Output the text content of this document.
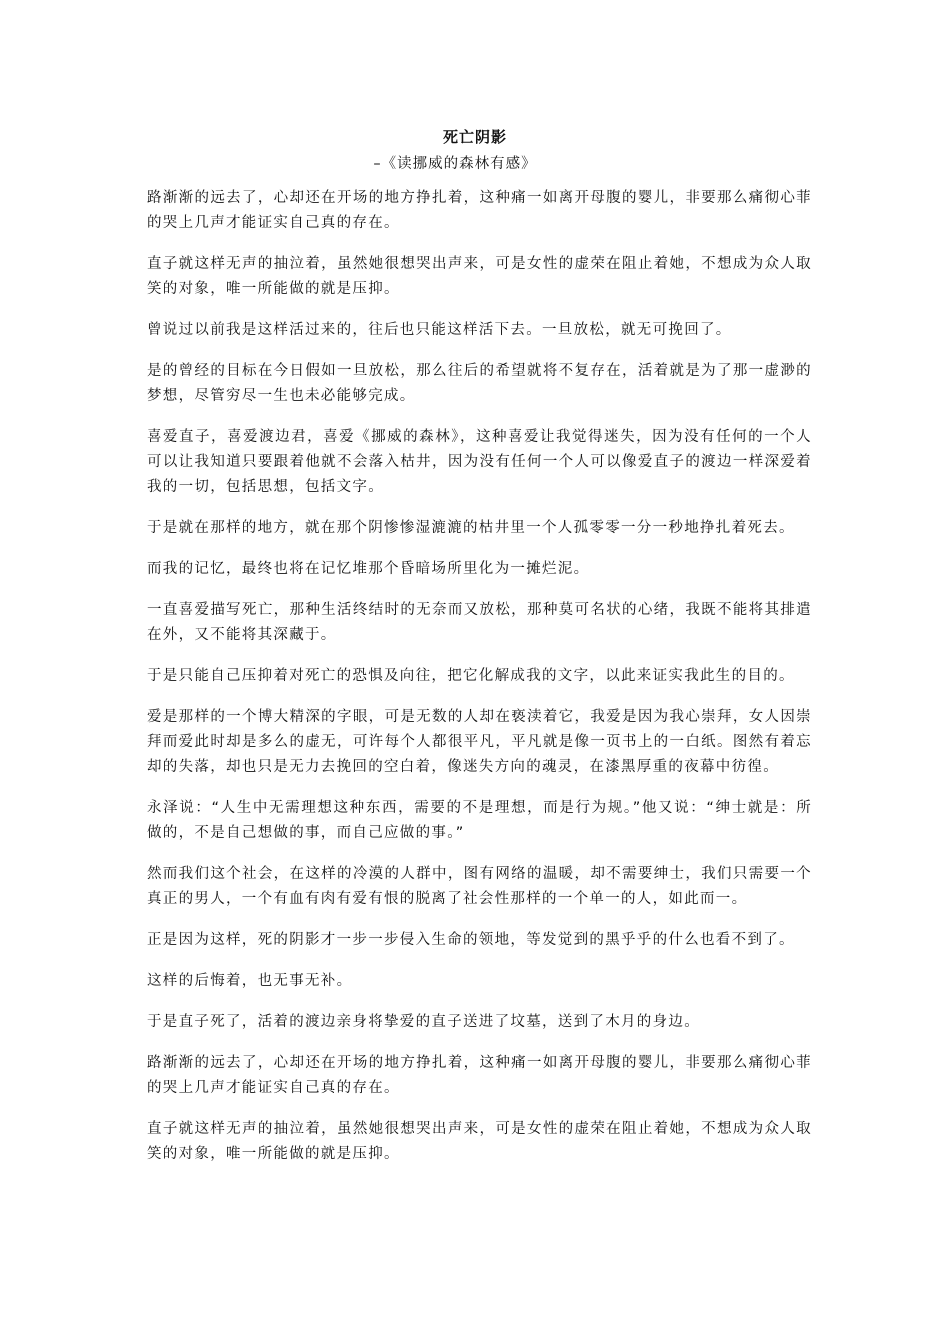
死亡阴影

–《读挪威的森林有感》

路渐渐的远去了，心却还在开场的地方挣扎着，这种痛一如离开母腹的婴儿，非要那么痛彻心菲的哭上几声才能证实自己真的存在。

直子就这样无声的抽泣着，虽然她很想哭出声来，可是女性的虚荣在阻止着她，不想成为众人取笑的对象，唯一所能做的就是压抑。

曾说过以前我是这样活过来的，往后也只能这样活下去。一旦放松，就无可挽回了。

是的曾经的目标在今日假如一旦放松，那么往后的希望就将不复存在，活着就是为了那一虚渺的梦想，尽管穷尽一生也未必能够完成。

喜爱直子，喜爱渡边君，喜爱《挪威的森林》，这种喜爱让我觉得迷失，因为没有任何的一个人可以让我知道只要跟着他就不会落入枯井，因为没有任何一个人可以像爱直子的渡边一样深爱着我的一切，包括思想，包括文字。

于是就在那样的地方，就在那个阴惨惨湿漉漉的枯井里一个人孤零零一分一秒地挣扎着死去。

而我的记忆，最终也将在记忆堆那个昏暗场所里化为一摊烂泥。

一直喜爱描写死亡，那种生活终结时的无奈而又放松，那种莫可名状的心绪，我既不能将其排遣在外，又不能将其深藏于。

于是只能自己压抑着对死亡的恐惧及向往，把它化解成我的文字，以此来证实我此生的目的。

爱是那样的一个博大精深的字眼，可是无数的人却在亵渎着它，我爱是因为我心崇拜，女人因崇拜而爱此时却是多么的虚无，可许每个人都很平凡，平凡就是像一页书上的一白纸。图然有着忘却的失落，却也只是无力去挽回的空白着，像迷失方向的魂灵，在漆黑厚重的夜幕中彷徨。

永泽说：“人生中无需理想这种东西，需要的不是理想，而是行为规。”他又说：“绅士就是：所做的，不是自己想做的事，而自己应做的事。”

然而我们这个社会，在这样的冷漠的人群中，图有网络的温暖，却不需要绅士，我们只需要一个真正的男人，一个有血有肉有爱有恨的脱离了社会性那样的一个单一的人，如此而一。

正是因为这样，死的阴影才一步一步侵入生命的领地，等发觉到的黑乎乎的什么也看不到了。

这样的后悔着，也无事无补。

于是直子死了，活着的渡边亲身将挚爱的直子送进了坟墓，送到了木月的身边。

路渐渐的远去了，心却还在开场的地方挣扎着，这种痛一如离开母腹的婴儿，非要那么痛彻心菲的哭上几声才能证实自己真的存在。

直子就这样无声的抽泣着，虽然她很想哭出声来，可是女性的虚荣在阻止着她，不想成为众人取笑的对象，唯一所能做的就是压抑。
